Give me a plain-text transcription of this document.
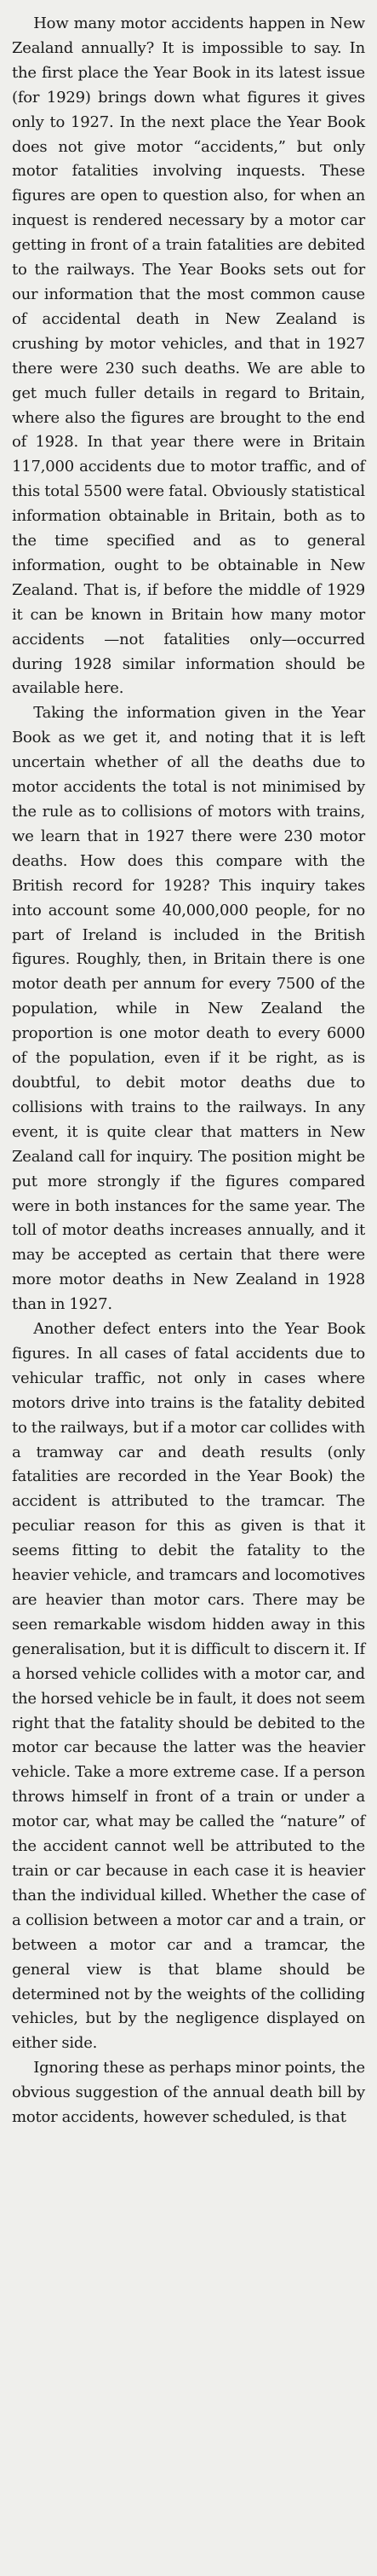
How many motor accidents happen in New Zealand annually? It is impossible to say. In the first place the Year Book in its latest issue (for 1929) brings down what figures it gives only to 1927. In the next place the Year Book does not give motor “accidents,” but only motor fatalities involving inquests. These figures are open to question also, for when an inquest is rendered necessary by a motor car getting in front of a train fatalities are debited to the railways. The Year Books sets out for our information that the most common cause of accidental death in New Zealand is crushing by motor vehicles, and that in 1927 there were 230 such deaths. We are able to get much fuller details in regard to Britain, where also the figures are brought to the end of 1928. In that year there were in Britain 117,000 accidents due to motor traffic, and of this total 5500 were fatal. Obviously statistical information obtainable in Britain, both as to the time specified and as to general information, ought to be obtainable in New Zealand. That is, if before the middle of 1929 it can be known in Britain how many motor accidents —not fatalities only—occurred during 1928 similar information should be available here.

Taking the information given in the Year Book as we get it, and noting that it is left uncertain whether of all the deaths due to motor accidents the total is not minimised by the rule as to collisions of motors with trains, we learn that in 1927 there were 230 motor deaths. How does this compare with the British record for 1928? This inquiry takes into account some 40,000,000 people, for no part of Ireland is included in the British figures. Roughly, then, in Britain there is one motor death per annum for every 7500 of the population, while in New Zealand the proportion is one motor death to every 6000 of the population, even if it be right, as is doubtful, to debit motor deaths due to collisions with trains to the railways. In any event, it is quite clear that matters in New Zealand call for inquiry. The position might be put more strongly if the figures compared were in both instances for the same year. The toll of motor deaths increases annually, and it may be accepted as certain that there were more motor deaths in New Zealand in 1928 than in 1927.

Another defect enters into the Year Book figures. In all cases of fatal accidents due to vehicular traffic, not only in cases where motors drive into trains is the fatality debited to the railways, but if a motor car collides with a tramway car and death results (only fatalities are recorded in the Year Book) the accident is attributed to the tramcar. The peculiar reason for this as given is that it seems fitting to debit the fatality to the heavier vehicle, and tramcars and locomotives are heavier than motor cars. There may be seen remarkable wisdom hidden away in this generalisation, but it is difficult to discern it. If a horsed vehicle collides with a motor car, and the horsed vehicle be in fault, it does not seem right that the fatality should be debited to the motor car because the latter was the heavier vehicle. Take a more extreme case. If a person throws himself in front of a train or under a motor car, what may be called the “nature” of the accident cannot well be attributed to the train or car because in each case it is heavier than the individual killed. Whether the case of a collision between a motor car and a train, or between a motor car and a tramcar, the general view is that blame should be determined not by the weights of the colliding vehicles, but by the negligence displayed on either side.

Ignoring these as perhaps minor points, the obvious suggestion of the annual death bill by motor accidents, however scheduled, is that
